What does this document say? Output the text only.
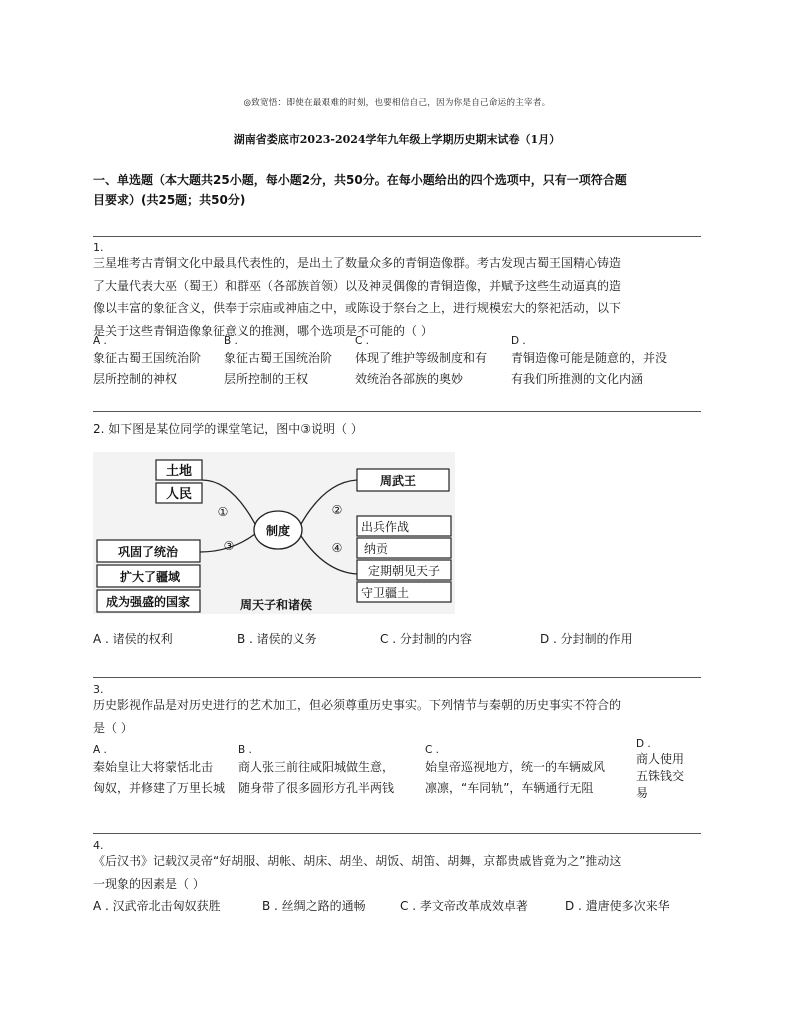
◎致宽悟：即使在最艰难的时刻，也要相信自己，因为你是自己命运的主宰者。
湖南省娄底市2023-2024学年九年级上学期历史期末试卷（1月）
一、单选题（本大题共25小题，每小题2分，共50分。在每小题给出的四个选项中，只有一项符合题
目要求）(共25题；共50分)
1.
三星堆考古青铜文化中最具代表性的，是出土了数量众多的青铜造像群。考古发现古蜀王国精心铸造
了大量代表大巫（蜀王）和群巫（各部族首领）以及神灵偶像的青铜造像，并赋予这些生动逼真的造
像以丰富的象征含义，供奉于宗庙或神庙之中，或陈设于祭台之上，进行规模宏大的祭祀活动，以下
是关于这些青铜造像象征意义的推测，哪个选项是不可能的（ ）
A .
象征古蜀王国统治阶
层所控制的神权
B .
象征古蜀王国统治阶
层所控制的王权
C .
体现了维护等级制度和有
效统治各部族的奥妙
D .
青铜造像可能是随意的，并没
有我们所推测的文化内涵
2. 如下图是某位同学的课堂笔记，图中③说明（ ）
土地
人民
巩固了统治
扩大了疆域
成为强盛的国家
制度
①	②
③	④
周武王
出兵作战
纳贡
定期朝见天子
守卫疆土
周天子和诸侯
A . 诸侯的权利	B . 诸侯的义务	C . 分封制的内容	D . 分封制的作用
3.
历史影视作品是对历史进行的艺术加工，但必须尊重历史事实。下列情节与秦朝的历史事实不符合的
是（ ）
A .
秦始皇让大将蒙恬北击
匈奴，并修建了万里长城
B .
商人张三前往咸阳城做生意，
随身带了很多圆形方孔半两钱
C .
始皇帝巡视地方，统一的车辆威风
凛凛，“车同轨”，车辆通行无阻
D .
商人使用
五铢钱交
易
4.
《后汉书》记载汉灵帝“好胡服、胡帐、胡床、胡坐、胡饭、胡笛、胡舞，京都贵戚皆竟为之”推动这
一现象的因素是（ ）
A . 汉武帝北击匈奴获胜	B . 丝绸之路的通畅	C . 孝文帝改革成效卓著	D . 遣唐使多次来华
